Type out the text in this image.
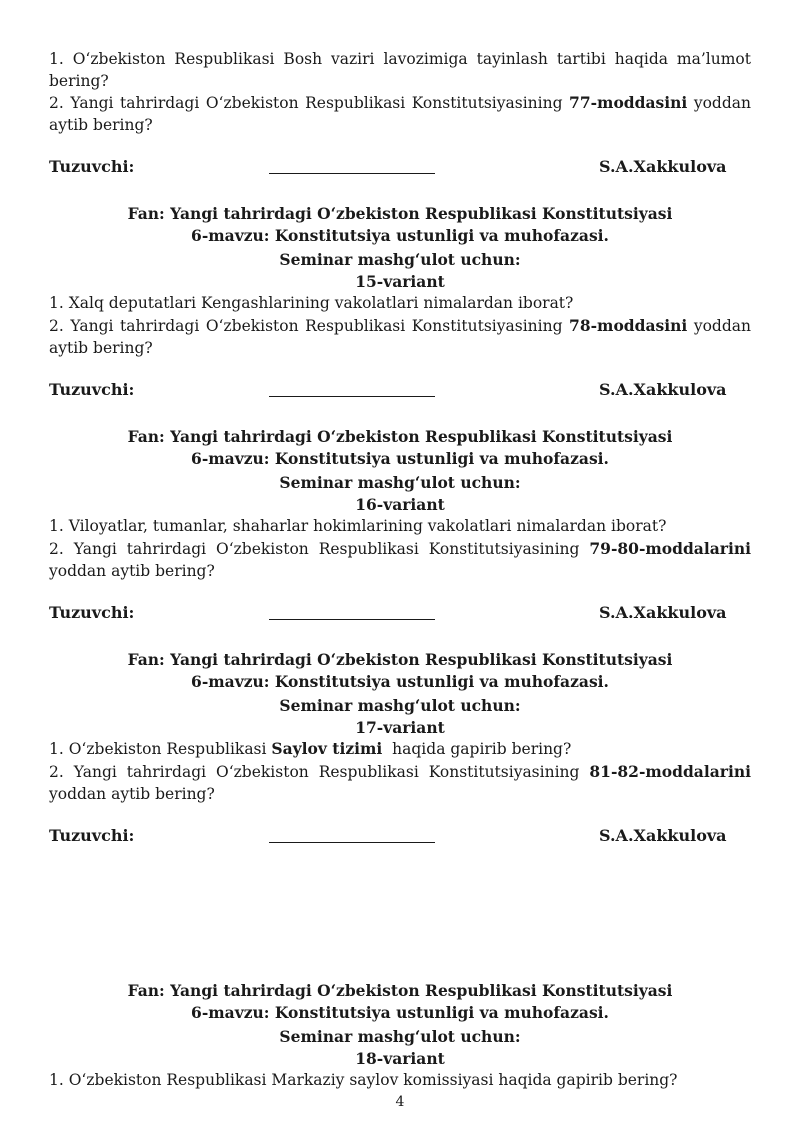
1. O‘zbekiston Respublikasi Bosh vaziri lavozimiga tayinlash tartibi haqida ma’lumot bering?
2. Yangi tahrirdagi O‘zbekiston Respublikasi Konstitutsiyasining 77-moddasini yoddan aytib bering?
Tuzuvchi:	S.A.Xakkulova
Fan: Yangi tahrirdagi O‘zbekiston Respublikasi Konstitutsiyasi
6-mavzu: Konstitutsiya ustunligi va muhofazasi.
Seminar mashg‘ulot uchun:
15-variant
1. Xalq deputatlari Kengashlarining vakolatlari nimalardan iborat?
2. Yangi tahrirdagi O‘zbekiston Respublikasi Konstitutsiyasining 78-moddasini yoddan aytib bering?
Tuzuvchi:	S.A.Xakkulova
Fan: Yangi tahrirdagi O‘zbekiston Respublikasi Konstitutsiyasi
6-mavzu: Konstitutsiya ustunligi va muhofazasi.
Seminar mashg‘ulot uchun:
16-variant
1. Viloyatlar, tumanlar, shaharlar hokimlarining vakolatlari nimalardan iborat?
2. Yangi tahrirdagi O‘zbekiston Respublikasi Konstitutsiyasining 79-80-moddalarini yoddan aytib bering?
Tuzuvchi:	S.A.Xakkulova
Fan: Yangi tahrirdagi O‘zbekiston Respublikasi Konstitutsiyasi
6-mavzu: Konstitutsiya ustunligi va muhofazasi.
Seminar mashg‘ulot uchun:
17-variant
1. O‘zbekiston Respublikasi Saylov tizimi  haqida gapirib bering?
2. Yangi tahrirdagi O‘zbekiston Respublikasi Konstitutsiyasining 81-82-moddalarini yoddan aytib bering?
Tuzuvchi:	S.A.Xakkulova
Fan: Yangi tahrirdagi O‘zbekiston Respublikasi Konstitutsiyasi
6-mavzu: Konstitutsiya ustunligi va muhofazasi.
Seminar mashg‘ulot uchun:
18-variant
1. O‘zbekiston Respublikasi Markaziy saylov komissiyasi haqida gapirib bering?
4
